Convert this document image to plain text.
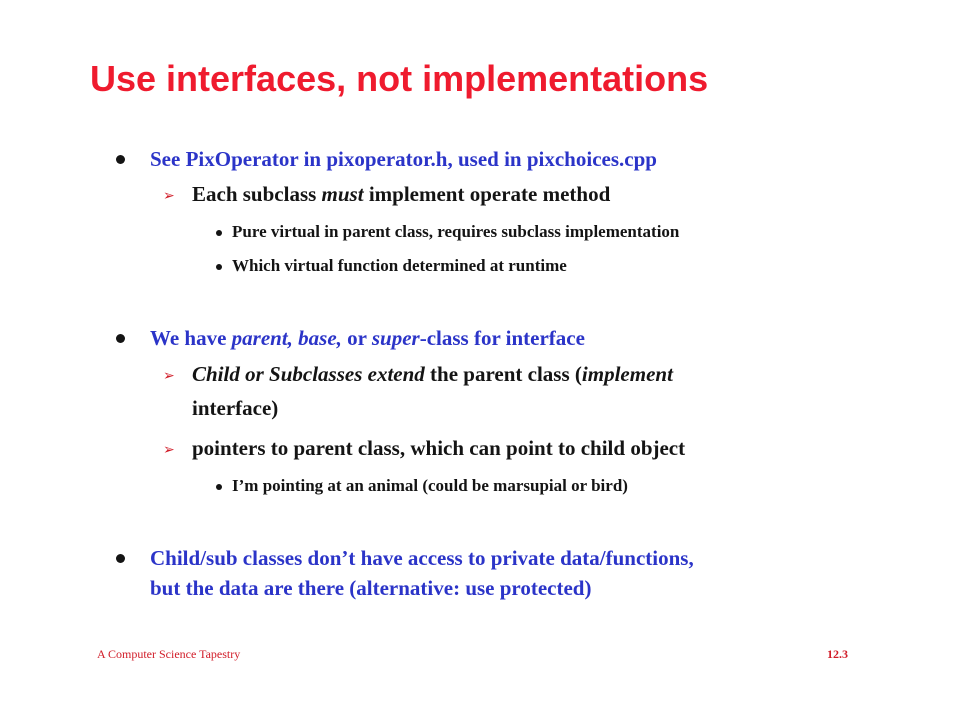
Use interfaces, not implementations
See PixOperator in pixoperator.h, used in pixchoices.cpp
➢ Each subclass must implement operate method
Pure virtual in parent class, requires subclass implementation
Which virtual function determined at runtime
We have parent, base, or super-class for interface
➢ Child or Subclasses extend the parent class (implement
interface)
➢ pointers to parent class, which can point to child object
I’m pointing at an animal (could be marsupial or bird)
Child/sub classes don’t have access to private data/functions,
but the data are there (alternative: use protected)
A Computer Science Tapestry	12.3
